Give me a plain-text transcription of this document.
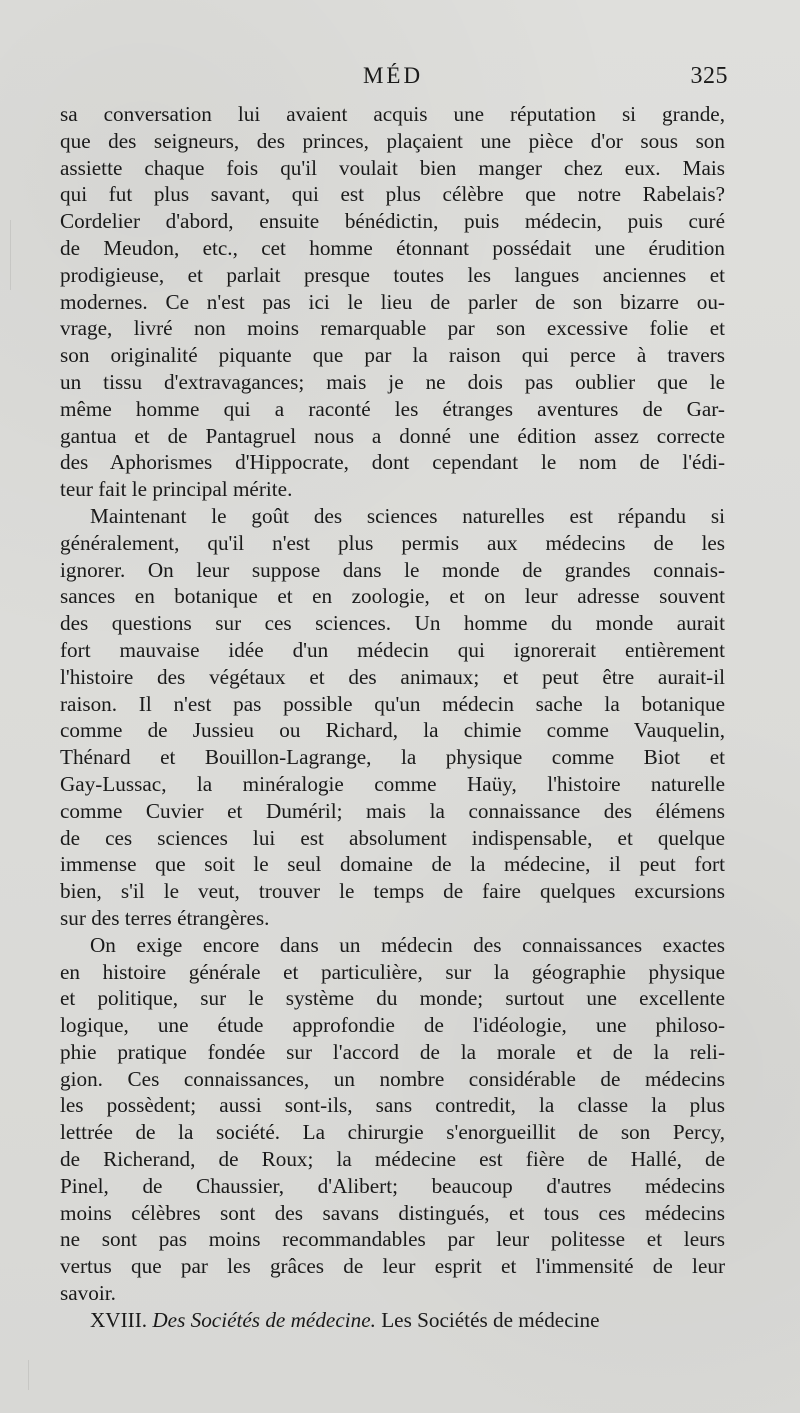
MÉD	325
sa conversation lui avaient acquis une réputation si grande,
que des seigneurs, des princes, plaçaient une pièce d'or sous son
assiette chaque fois qu'il voulait bien manger chez eux. Mais
qui fut plus savant, qui est plus célèbre que notre Rabelais?
Cordelier d'abord, ensuite bénédictin, puis médecin, puis curé
de Meudon, etc., cet homme étonnant possédait une érudition
prodigieuse, et parlait presque toutes les langues anciennes et
modernes. Ce n'est pas ici le lieu de parler de son bizarre ou-
vrage, livré non moins remarquable par son excessive folie et
son originalité piquante que par la raison qui perce à travers
un tissu d'extravagances; mais je ne dois pas oublier que le
même homme qui a raconté les étranges aventures de Gar-
gantua et de Pantagruel nous a donné une édition assez correcte
des Aphorismes d'Hippocrate, dont cependant le nom de l'édi-
teur fait le principal mérite.
Maintenant le goût des sciences naturelles est répandu si
généralement, qu'il n'est plus permis aux médecins de les
ignorer. On leur suppose dans le monde de grandes connais-
sances en botanique et en zoologie, et on leur adresse souvent
des questions sur ces sciences. Un homme du monde aurait
fort mauvaise idée d'un médecin qui ignorerait entièrement
l'histoire des végétaux et des animaux; et peut être aurait-il
raison. Il n'est pas possible qu'un médecin sache la botanique
comme de Jussieu ou Richard, la chimie comme Vauquelin,
Thénard et Bouillon-Lagrange, la physique comme Biot et
Gay-Lussac, la minéralogie comme Haüy, l'histoire naturelle
comme Cuvier et Duméril; mais la connaissance des élémens
de ces sciences lui est absolument indispensable, et quelque
immense que soit le seul domaine de la médecine, il peut fort
bien, s'il le veut, trouver le temps de faire quelques excursions
sur des terres étrangères.
On exige encore dans un médecin des connaissances exactes
en histoire générale et particulière, sur la géographie physique
et politique, sur le système du monde; surtout une excellente
logique, une étude approfondie de l'idéologie, une philoso-
phie pratique fondée sur l'accord de la morale et de la reli-
gion. Ces connaissances, un nombre considérable de médecins
les possèdent; aussi sont-ils, sans contredit, la classe la plus
lettrée de la société. La chirurgie s'enorgueillit de son Percy,
de Richerand, de Roux; la médecine est fière de Hallé, de
Pinel, de Chaussier, d'Alibert; beaucoup d'autres médecins
moins célèbres sont des savans distingués, et tous ces médecins
ne sont pas moins recommandables par leur politesse et leurs
vertus que par les grâces de leur esprit et l'immensité de leur
savoir.
XVIII. Des Sociétés de médecine. Les Sociétés de médecine
